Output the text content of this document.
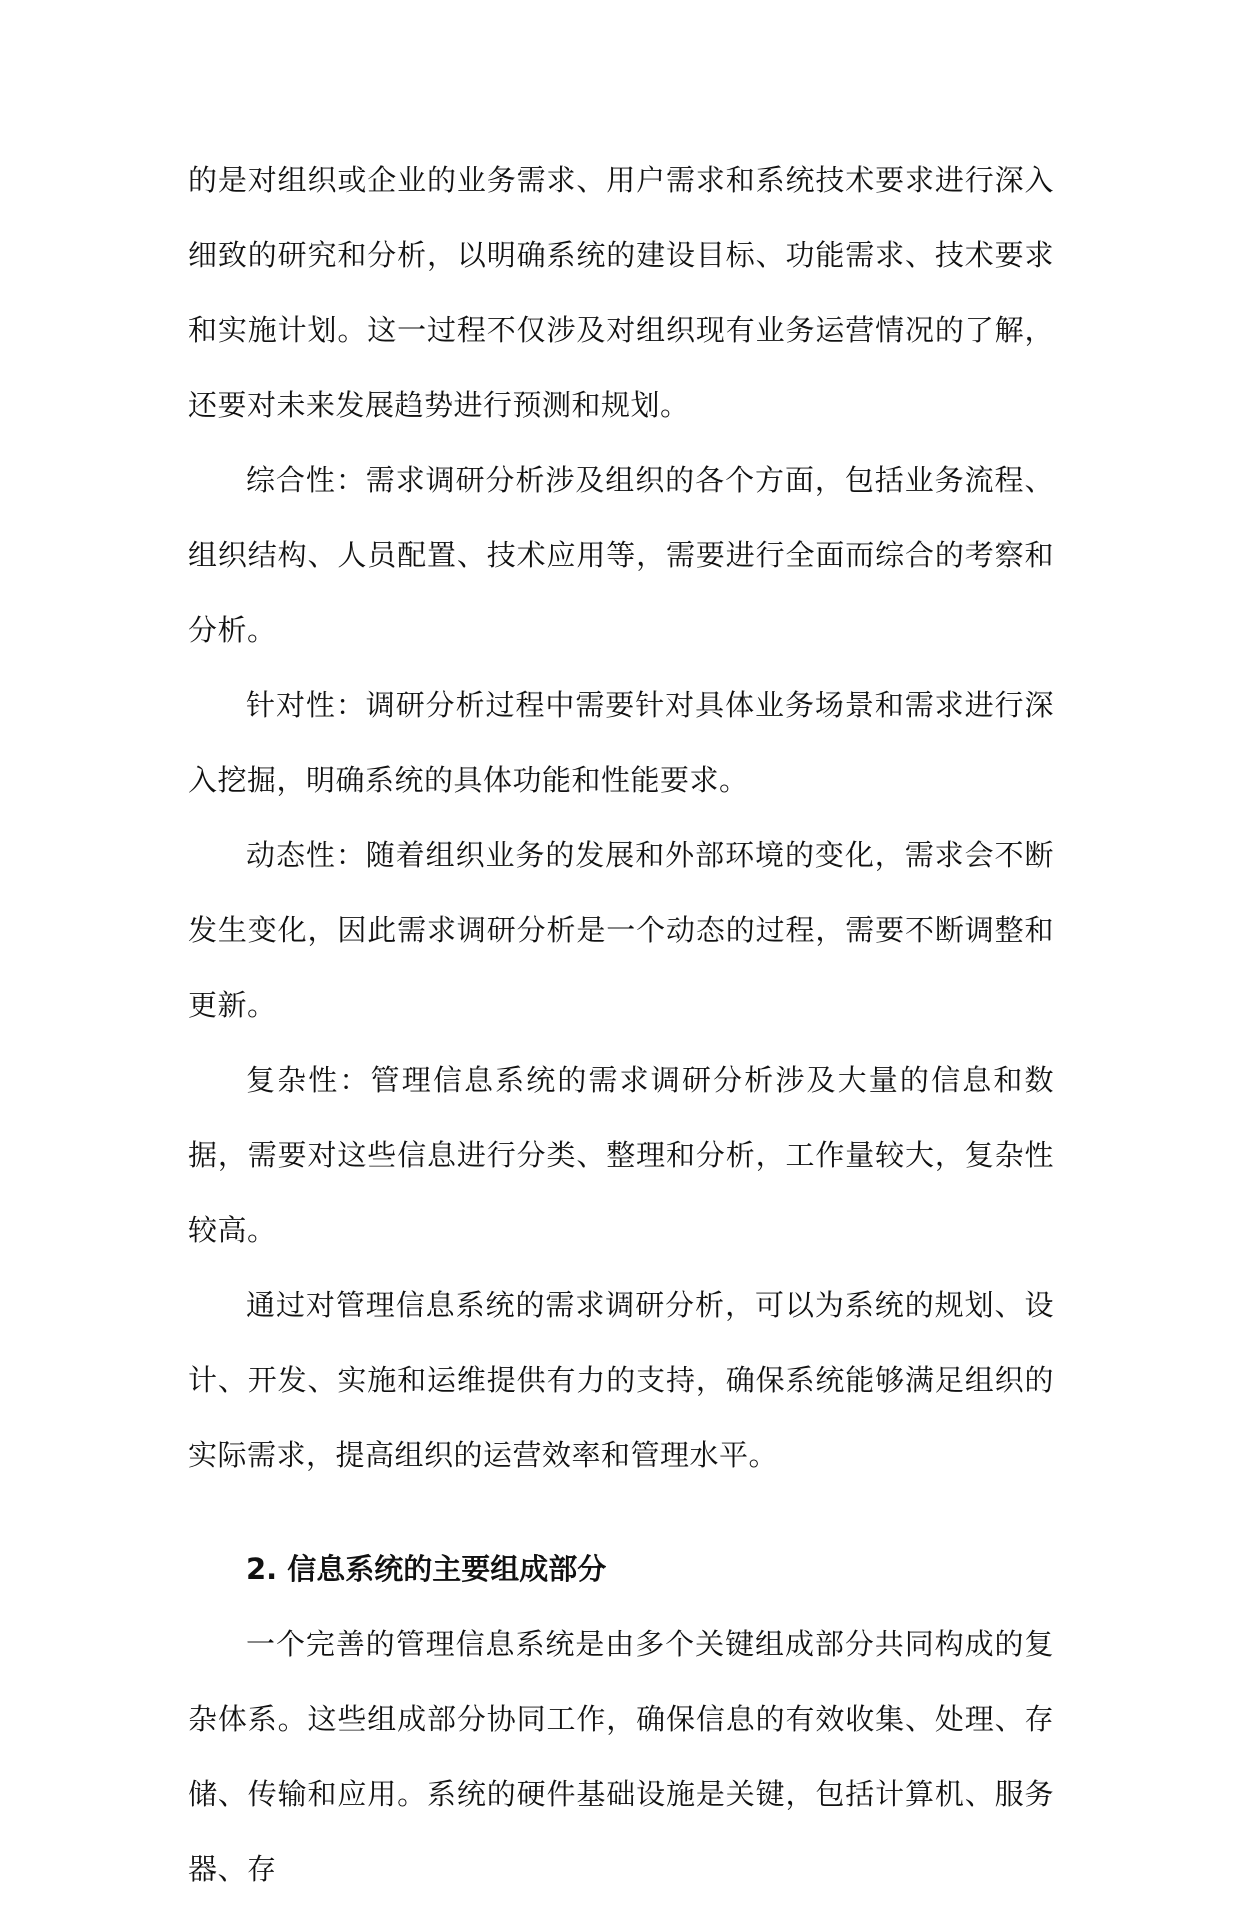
的是对组织或企业的业务需求、用户需求和系统技术要求进行深入细致的研究和分析，以明确系统的建设目标、功能需求、技术要求和实施计划。这一过程不仅涉及对组织现有业务运营情况的了解，还要对未来发展趋势进行预测和规划。

综合性：需求调研分析涉及组织的各个方面，包括业务流程、组织结构、人员配置、技术应用等，需要进行全面而综合的考察和分析。

针对性：调研分析过程中需要针对具体业务场景和需求进行深入挖掘，明确系统的具体功能和性能要求。

动态性：随着组织业务的发展和外部环境的变化，需求会不断发生变化，因此需求调研分析是一个动态的过程，需要不断调整和更新。

复杂性：管理信息系统的需求调研分析涉及大量的信息和数据，需要对这些信息进行分类、整理和分析，工作量较大，复杂性较高。

通过对管理信息系统的需求调研分析，可以为系统的规划、设计、开发、实施和运维提供有力的支持，确保系统能够满足组织的实际需求，提高组织的运营效率和管理水平。

2. 信息系统的主要组成部分

一个完善的管理信息系统是由多个关键组成部分共同构成的复杂体系。这些组成部分协同工作，确保信息的有效收集、处理、存储、传输和应用。系统的硬件基础设施是关键，包括计算机、服务器、存
